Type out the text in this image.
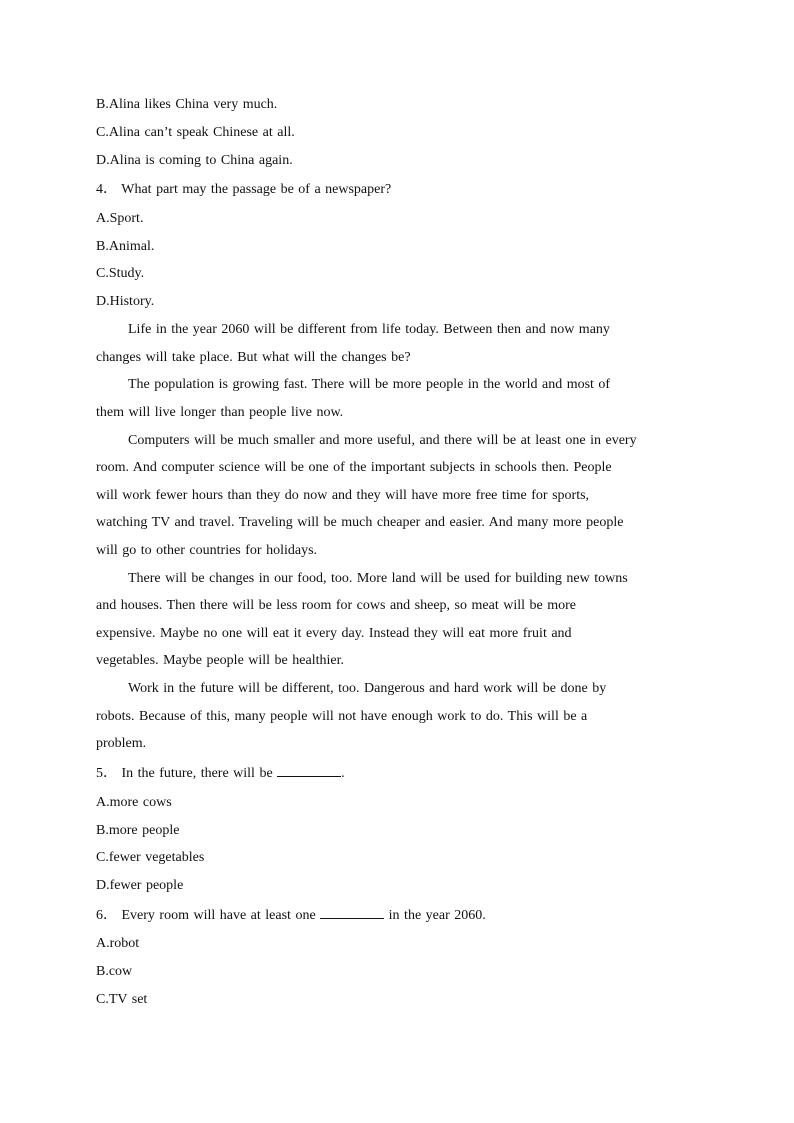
B.Alina likes China very much.
C.Alina can’t speak Chinese at all.
D.Alina is coming to China again.
4． What part may the passage be of a newspaper?
A.Sport.
B.Animal.
C.Study.
D.History.
Life in the year 2060 will be different from life today. Between then and now many
changes will take place. But what will the changes be?
The population is growing fast. There will be more people in the world and most of
them will live longer than people live now.
Computers will be much smaller and more useful, and there will be at least one in every
room. And computer science will be one of the important subjects in schools then. People
will work fewer hours than they do now and they will have more free time for sports,
watching TV and travel. Traveling will be much cheaper and easier. And many more people
will go to other countries for holidays.
There will be changes in our food, too. More land will be used for building new towns
and houses. Then there will be less room for cows and sheep, so meat will be more
expensive. Maybe no one will eat it every day. Instead they will eat more fruit and
vegetables. Maybe people will be healthier.
Work in the future will be different, too. Dangerous and hard work will be done by
robots. Because of this, many people will not have enough work to do. This will be a
problem.
5． In the future, there will be	.
A.more cows
B.more people
C.fewer vegetables
D.fewer people
6． Every room will have at least one	in the year 2060.
A.robot
B.cow
C.TV set
